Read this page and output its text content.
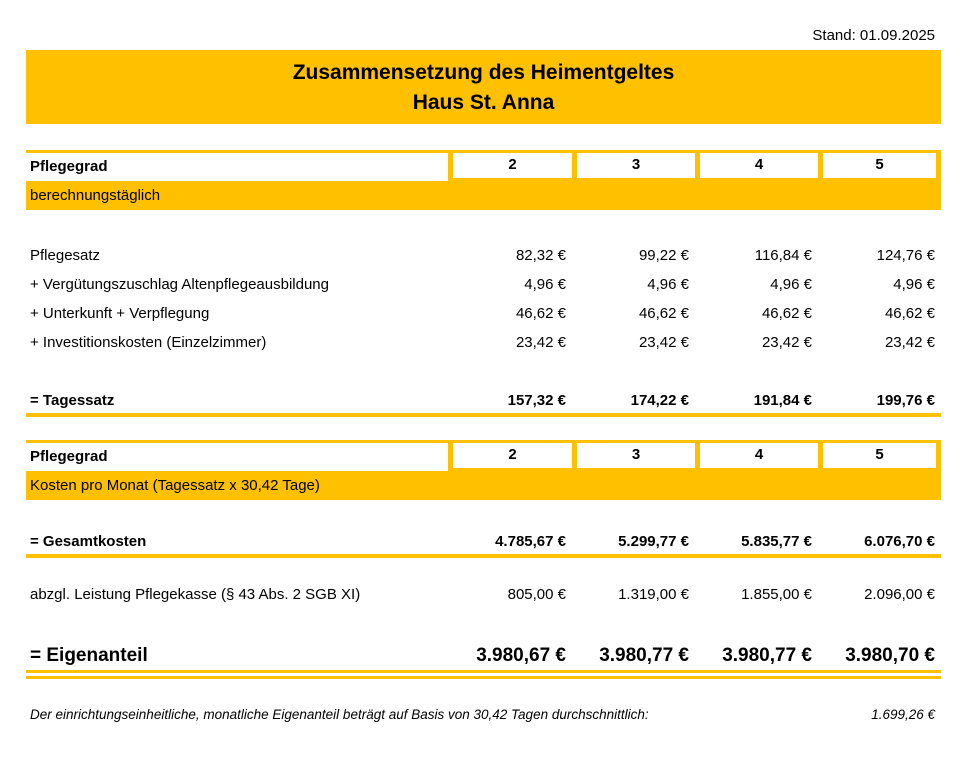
Stand: 01.09.2025
Zusammensetzung des Heimentgeltes
Haus St. Anna
Pflegegrad	2	3	4	5
berechnungstäglich
Pflegesatz	82,32 €	99,22 €	116,84 €	124,76 €
+ Vergütungszuschlag Altenpflegeausbildung	4,96 €	4,96 €	4,96 €	4,96 €
+ Unterkunft + Verpflegung	46,62 €	46,62 €	46,62 €	46,62 €
+ Investitionskosten (Einzelzimmer)	23,42 €	23,42 €	23,42 €	23,42 €
= Tagessatz	157,32 €	174,22 €	191,84 €	199,76 €
Pflegegrad	2	3	4	5
Kosten pro Monat (Tagessatz x 30,42 Tage)
= Gesamtkosten	4.785,67 €	5.299,77 €	5.835,77 €	6.076,70 €
abzgl. Leistung Pflegekasse (§ 43 Abs. 2 SGB XI)	805,00 €	1.319,00 €	1.855,00 €	2.096,00 €
= Eigenanteil	3.980,67 €	3.980,77 €	3.980,77 €	3.980,70 €
Der einrichtungseinheitliche, monatliche Eigenanteil beträgt auf Basis von 30,42 Tagen durchschnittlich:	1.699,26 €
